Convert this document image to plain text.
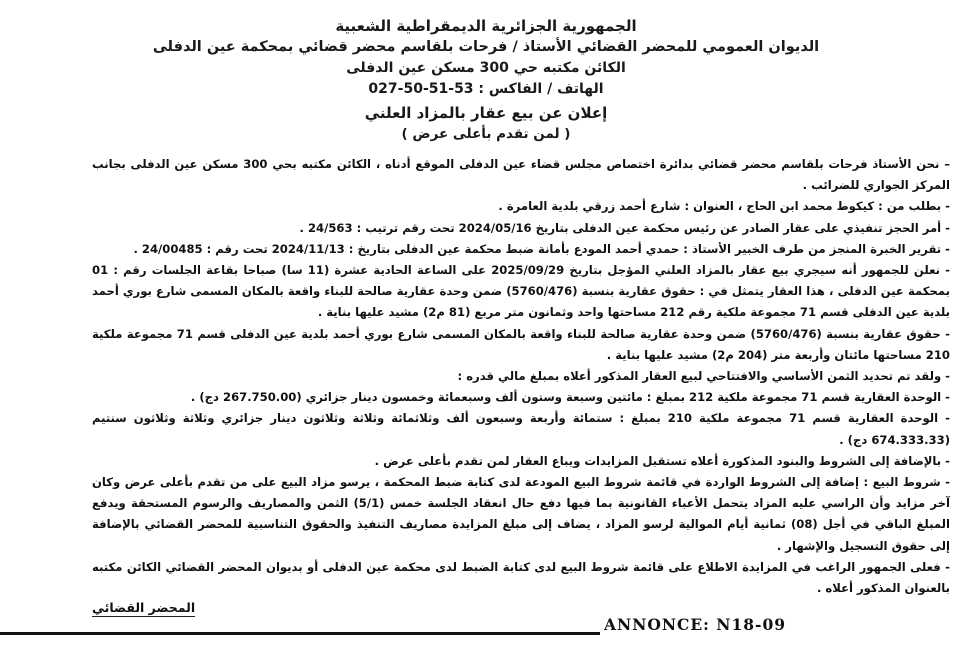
الجمهورية الجزائرية الديمقراطية الشعبية
الديوان العمومي للمحضر القضائي الأستاذ / فرحات بلقاسم محضر قضائي بمحكمة عين الدفلى
الكائن مكتبه حي 300 مسكن عين الدفلى
الهاتف / الفاكس : 53-51-50-027
إعلان عن بيع عقار بالمزاد العلني
( لمن تقدم بأعلى عرض )

– نحن الأستاذ فرحات بلقاسم محضر قضائي بدائرة اختصاص مجلس قضاء عين الدفلى الموقع أدناه ، الكائن مكتبه بحي 300 مسكن عين الدفلى بجانب المركز الجواري للضرائب .

- بطلب من : كيكوط محمد ابن الحاج ، العنوان : شارع أحمد زرقي بلدية العامرة .

- أمر الحجز تنفيذي على عقار الصادر عن رئيس محكمة عين الدفلى بتاريخ 2024/05/16 تحت رقم ترتيب : 24/563 .

- تقرير الخبرة المنجز من طرف الخبير الأستاذ : حمدي أحمد المودع بأمانة ضبط محكمة عين الدفلى بتاريخ : 2024/11/13 تحت رقم : 24/00485 .

- نعلن للجمهور أنه سيجري بيع عقار بالمزاد العلني المؤجل بتاريخ 2025/09/29 على الساعة الحادية عشرة (11 سا) صباحا بقاعة الجلسات رقم : 01 بمحكمة عين الدفلى ، هذا العقار يتمثل في : حقوق عقارية بنسبة (5760/476) ضمن وحدة عقارية صالحة للبناء واقعة بالمكان المسمى شارع بوري أحمد بلدية عين الدفلى قسم 71 مجموعة ملكية رقم 212 مساحتها واحد وثمانون متر مربع (81 م2) مشيد عليها بناية .

- حقوق عقارية بنسبة (5760/476) ضمن وحدة عقارية صالحة للبناء واقعة بالمكان المسمى شارع بوري أحمد بلدية عين الدفلى قسم 71 مجموعة ملكية 210 مساحتها مائتان وأربعة متر (204 م2) مشيد عليها بناية .

- ولقد تم تحديد الثمن الأساسي والافتتاحي لبيع العقار المذكور أعلاه بمبلغ مالي قدره :

- الوحدة العقارية قسم 71 مجموعة ملكية 212 بمبلغ : مائتين وسبعة وستون ألف وسبعمائة وخمسون دينار جزائري (267.750.00 دج) .

- الوحدة العقارية قسم 71 مجموعة ملكية 210 بمبلغ : ستمائة وأربعة وسبعون ألف وثلاثمائة وثلاثة وثلاثون دينار جزائري وثلاثة وثلاثون سنتيم (674.333.33 دج) .

- بالإضافة إلى الشروط والبنود المذكورة أعلاه تستقبل المزايدات ويباع العقار لمن تقدم بأعلى عرض .

- شروط البيع : إضافة إلى الشروط الواردة في قائمة شروط البيع المودعة لدى كتابة ضبط المحكمة ، يرسو مزاد البيع على من تقدم بأعلى عرض وكان آخر مزايد وأن الراسي عليه المزاد يتحمل الأعباء القانونية بما فيها دفع حال انعقاد الجلسة خمس (5/1) الثمن والمصاريف والرسوم المستحقة ويدفع المبلغ الباقي في أجل (08) ثمانية أيام الموالية لرسو المزاد ، يضاف إلى مبلغ المزايدة مصاريف التنفيذ والحقوق التناسبية للمحضر القضائي بالإضافة إلى حقوق التسجيل والإشهار .

- فعلى الجمهور الراغب في المزايدة الاطلاع على قائمة شروط البيع لدى كتابة الضبط لدى محكمة عين الدفلى أو بديوان المحضر القضائي الكائن مكتبه بالعنوان المذكور أعلاه .

المحضر القضائي
ANNONCE: N18-09
